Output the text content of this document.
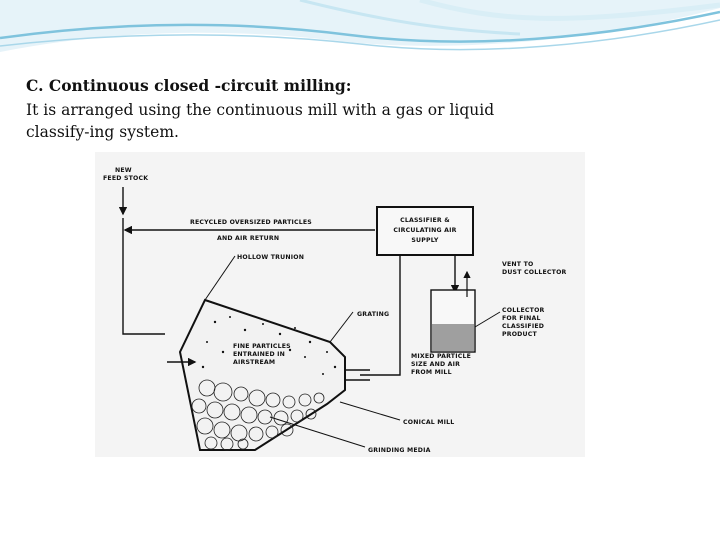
C. Continuous closed -circuit milling:
It is arranged using the continuous mill with a gas or liquid
classify-ing system.
NEW FEED STOCK
RECYCLED OVERSIZED PARTICLES AND AIR RETURN
CLASSIFIER & CIRCULATING AIR SUPPLY
HOLLOW TRUNION
VENT TO DUST COLLECTOR
GRATING
COLLECTOR FOR FINAL CLASSIFIED PRODUCT
FINE PARTICLES ENTRAINED IN AIRSTREAM
MIXED PARTICLE SIZE AND AIR FROM MILL
CONICAL MILL
GRINDING MEDIA
